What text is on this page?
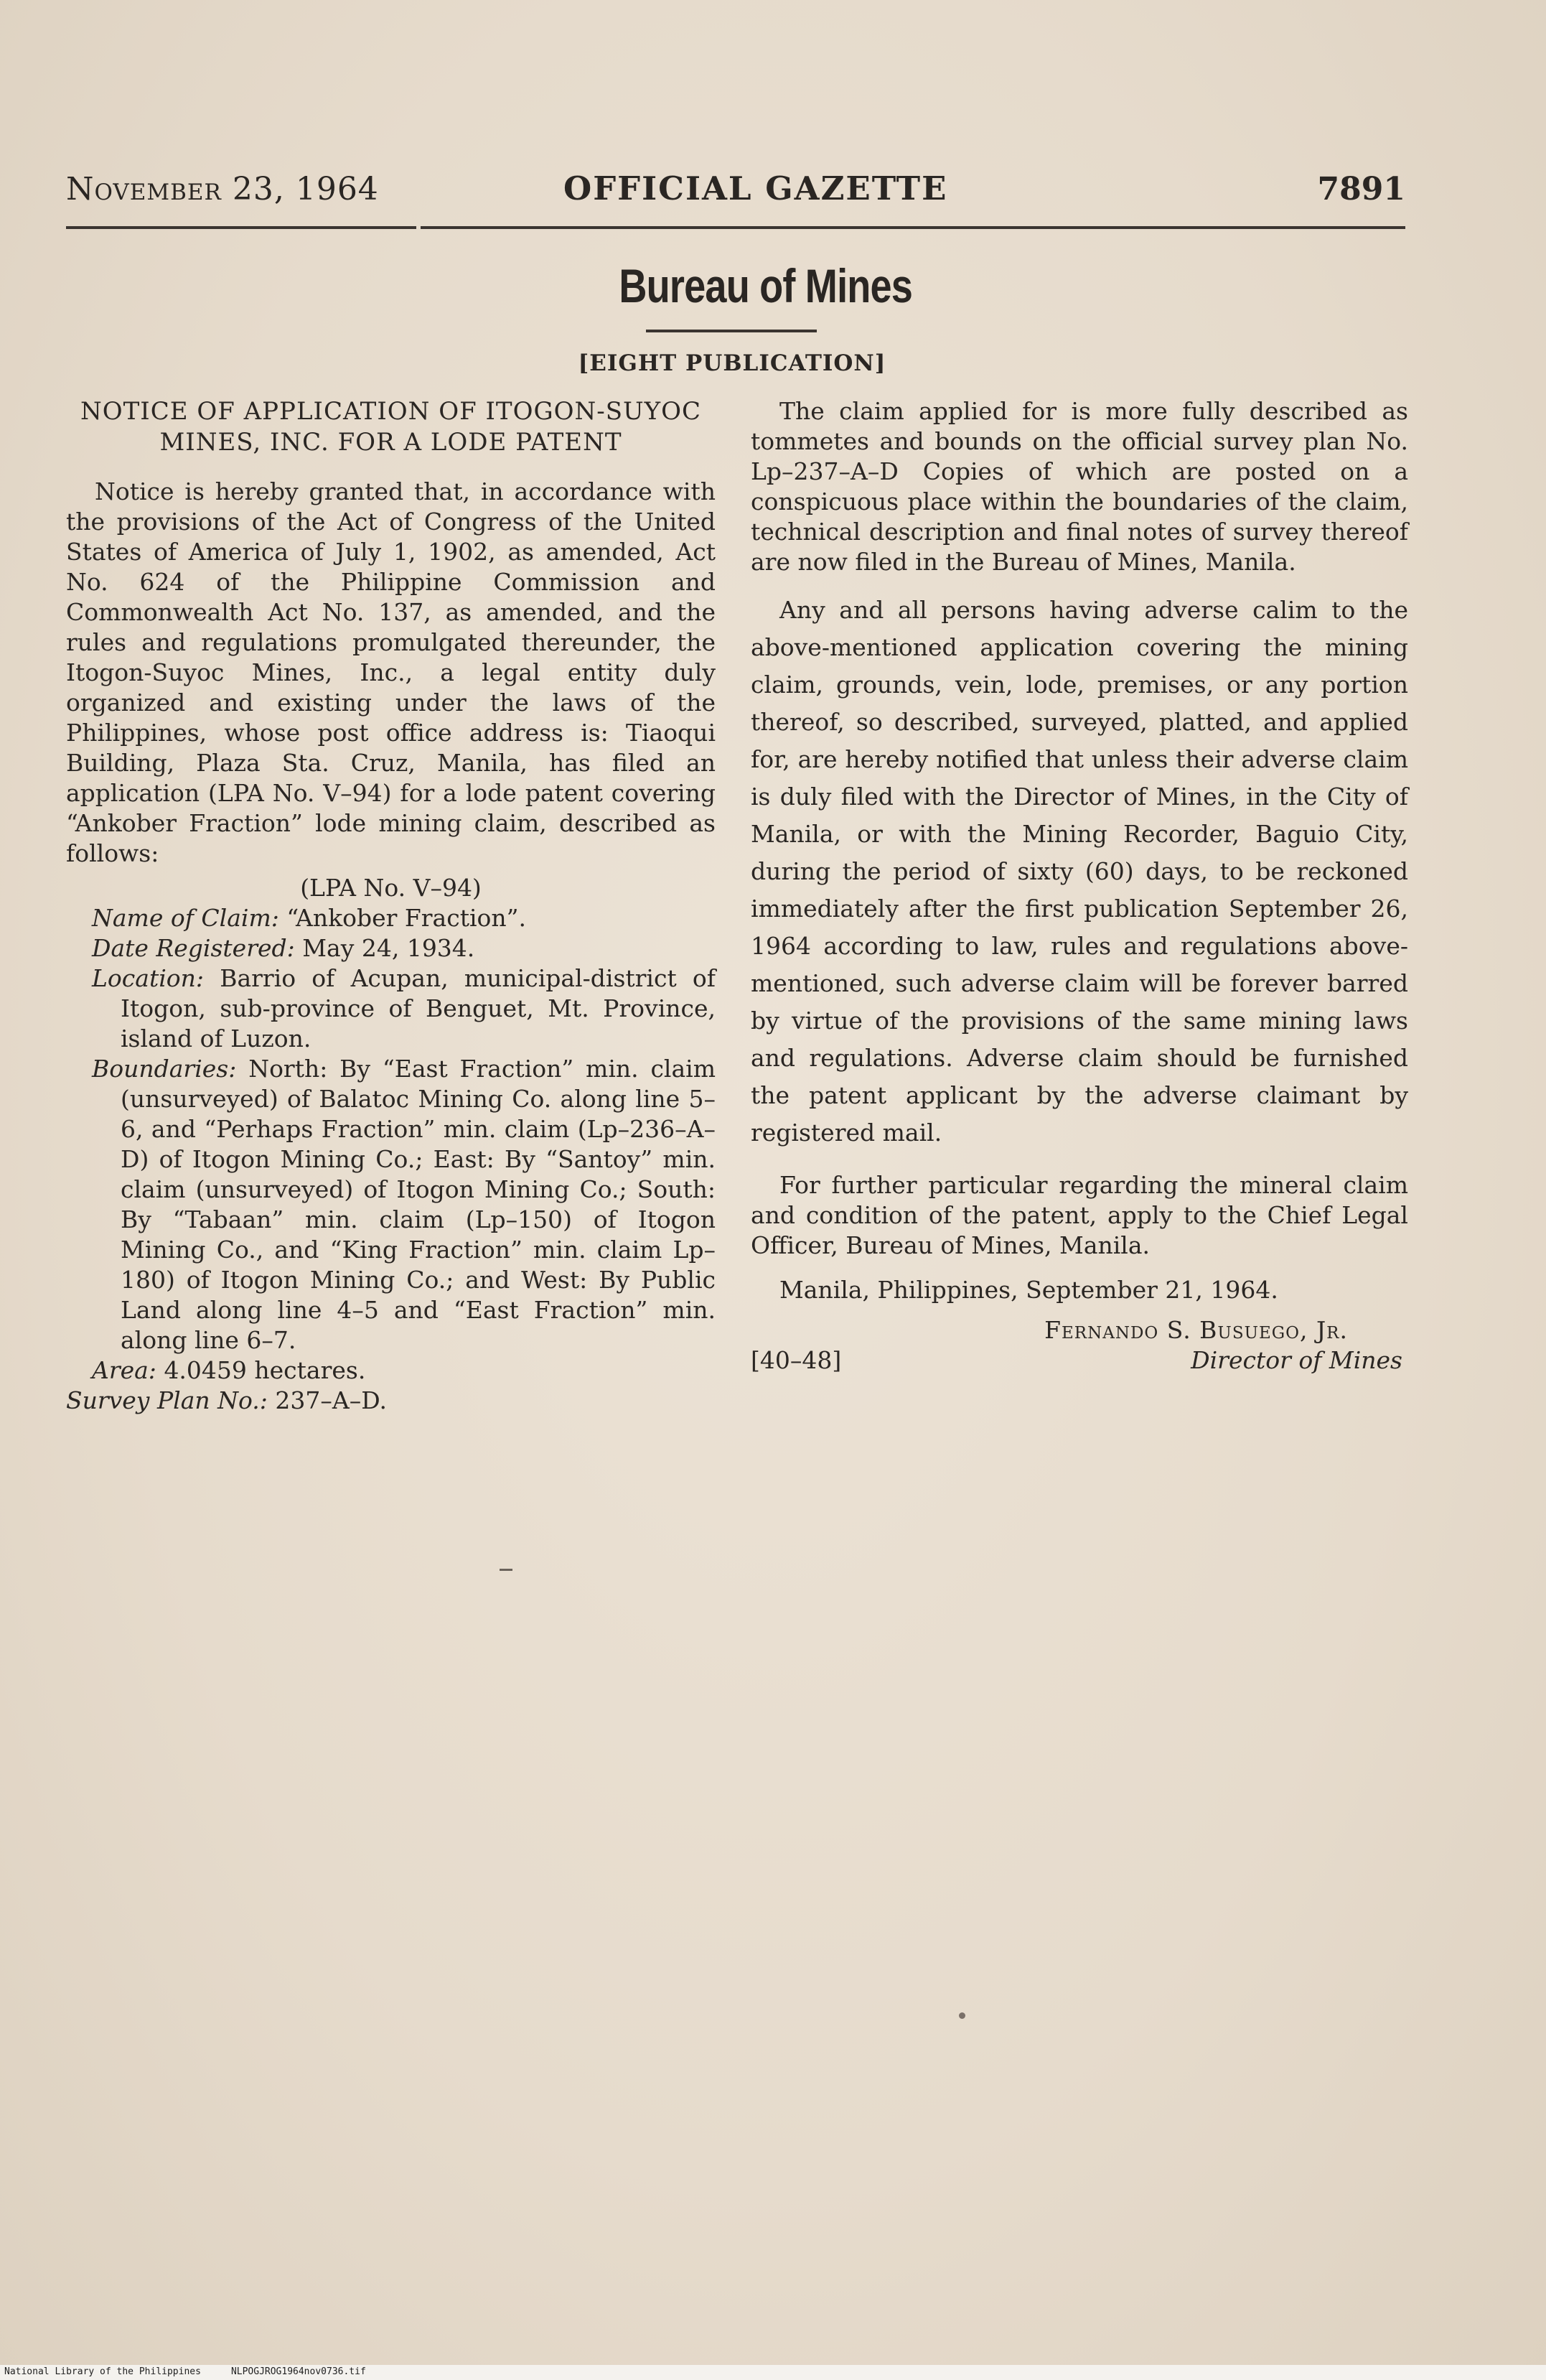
November 23, 1964	OFFICIAL GAZETTE	7891
Bureau of Mines
[EIGHT PUBLICATION]
NOTICE OF APPLICATION OF ITOGON-SUYOC
MINES, INC. FOR A LODE PATENT

Notice is hereby granted that, in accordance with the provisions of the Act of Congress of the United States of America of July 1, 1902, as amended, Act No. 624 of the Philippine Commission and Commonwealth Act No. 137, as amended, and the rules and regulations promulgated thereunder, the Itogon-Suyoc Mines, Inc., a legal entity duly organized and existing under the laws of the Philippines, whose post office address is: Tiaoqui Building, Plaza Sta. Cruz, Manila, has filed an application (LPA No. V–94) for a lode patent covering “Ankober Fraction” lode mining claim, described as follows:

(LPA No. V–94)

Name of Claim: “Ankober Fraction”.
Date Registered: May 24, 1934.
Location: Barrio of Acupan, municipal-district of Itogon, sub-province of Benguet, Mt. Province, island of Luzon.
Boundaries: North: By “East Fraction” min. claim (unsurveyed) of Balatoc Mining Co. along line 5–6, and “Perhaps Fraction” min. claim (Lp–236–A–D) of Itogon Mining Co.; East: By “Santoy” min. claim (unsurveyed) of Itogon Mining Co.; South: By “Tabaan” min. claim (Lp–150) of Itogon Mining Co., and “King Fraction” min. claim Lp–180) of Itogon Mining Co.; and West: By Public Land along line 4–5 and “East Fraction” min. along line 6–7.
Area: 4.0459 hectares.
Survey Plan No.: 237–A–D.

The claim applied for is more fully described as tommetes and bounds on the official survey plan No. Lp–237–A–D Copies of which are posted on a conspicuous place within the boundaries of the claim, technical description and final notes of survey thereof are now filed in the Bureau of Mines, Manila.

Any and all persons having adverse calim to the above-mentioned application covering the mining claim, grounds, vein, lode, premises, or any portion thereof, so described, surveyed, platted, and applied for, are hereby notified that unless their adverse claim is duly filed with the Director of Mines, in the City of Manila, or with the Mining Recorder, Baguio City, during the period of sixty (60) days, to be reckoned immediately after the first publication September 26, 1964 according to law, rules and regulations above-mentioned, such adverse claim will be forever barred by virtue of the provisions of the same mining laws and regulations. Adverse claim should be furnished the patent applicant by the adverse claimant by registered mail.

For further particular regarding the mineral claim and condition of the patent, apply to the Chief Legal Officer, Bureau of Mines, Manila.

Manila, Philippines, September 21, 1964.

Fernando S. Busuego, Jr.
[40–48]	Director of Mines
National Library of the Philippines	NLPOGJROG1964nov0736.tif
